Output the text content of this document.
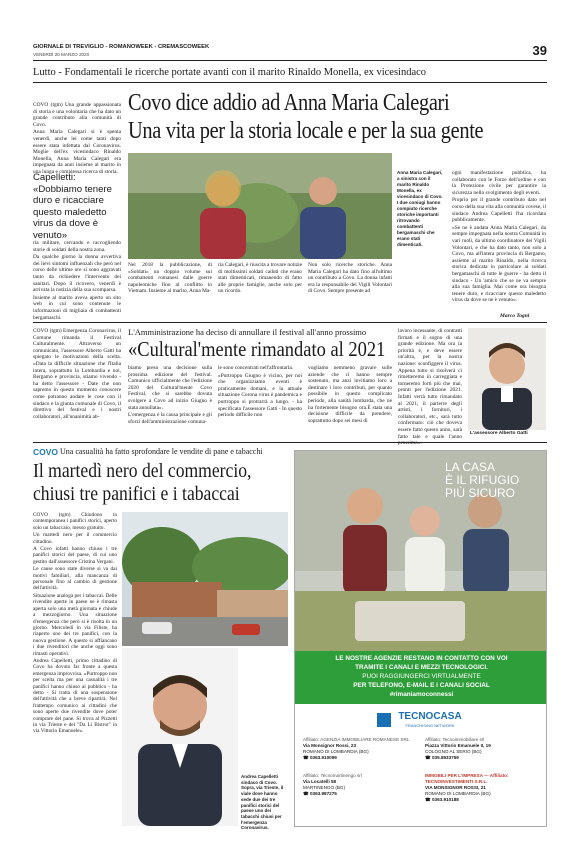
GIORNALE DI TREVIGLIO - ROMANOWEEK - CREMASCOWEEK
VENERDÌ 20 MARZO 2020	39
Lutto - Fondamentali le ricerche portate avanti con il marito Rinaldo Monella, ex vicesindaco
Covo dice addio ad Anna Maria Calegari
Una vita per la storia locale e per la sua gente

COVO (tgm) Una grande appassionata di storia e una volontaria che ha dato un grande contributo alla comunità di Covo.

Anna Maria Calegari si è spenta venerdì, anche lei come tanti dopo essere stata infettata dal Coronavirus. Moglie dell'ex vicesindaco Rinaldo Monella, Anna Maria Calegari era impegnata da anni insieme al marito in una lunga e complessa ricerca di storia.

Capelletti: «Dobbiamo tenere duro e ricacciare questo maledetto virus da dove è venuto»

ria militare, cercando e raccogliendo storie di soldati della nostra zona.

Da qualche giorno la donna avvertiva dei lievi sintomi influenzali che però nel corso delle ultime ore si sono aggravati tanto da richiedere l'intervento dei sanitari. Dopo il ricovero, venerdì è arrivata la notizia della sua scomparsa.

Insieme al marito aveva aperto un sito web in cui sono contenute le informazioni di migliaia di combattenti bergamaschi.

Anna Maria Calegari, a sinistra con il marito Rinaldo Monella, ex vicesindaco di Covo. I due coniugi hanno compiuto ricerche storiche importanti ritrovando combattenti bergamaschi che erano stati dimenticati.
Nel 2018 la pubblicazione, di «Soldati» un doppio volume sui combattenti romanesi dalle guerre napoleoniche fino al conflitto in Vietnam. Insieme al marito, Anna Ma-
ria Calegari, è riuscita a trovare notizie di moltissimi soldati caduti che erano stati dimenticati, rimanendo di fatto alle proprie famiglie, anche solo per un ricordo.
Non solo ricerche storiche. Anna Maria Calegari ha dato fino all'ultimo un contributo a Covo. La donna infatti era la responsabile dei Vigili Volontari di Covo. Sempre presente ad

ogni manifestazione pubblica, ha collaborato con le Forze dell'ordine e con la Protezione civile per garantire la sicurezza nello svolgimento degli eventi.

Proprio per il grande contributo dato nel corso della sua vita alla comunità covese, il sindaco Andrea Capelletti l'ha ricordata pubblicamente.

«Se ne è andata Anna Maria Calegari, da sempre impegnata nella nostra Comunità in vari ruoli, da ultimo coordinatore dei Vigili Volontari, e che ha dato tanto, non solo a Covo, ma all'intera provincia di Bergamo, assieme al marito Rinaldo, nella ricerca storica dedicata in particolare ai soldati bergamaschi di tutte le guerre - ha detto il sindaco - Un 'amico che se ne va sempre alla sua famiglia. Mai come ora bisogna tenere duro, e ricacciare questo maledetto virus da dove se ne è venuto».

Marco Togni
COVO (tgm) Emergenza Coronavirus, il Comune rimanda il Festival Culturalmente. Attraverso un comunicato, l'assessore Alberto Gatti ha spiegato le motivazioni della scelta. «Data la difficile situazione che l'Italia intera, soprattutto la Lombardia e noi, Bergamo e provincia, stiamo vivendo - ha detto l'assessore - Date che non sapremo in questo momento conoscere come potranno andare le cose con il sindaco e la giunta comunale di Covo, il direttivo del festival e i nostri collaboratori, all'unanimità ab-
L'Amministrazione ha deciso di annullare il festival all'anno prossimo
«Cultural'mente rimandato al 2021

biamo preso una decisione sulla prossima edizione del festival. Comunico ufficialmente che l'edizione 2020 del Cultural'mente Covo Festival, che si sarebbe dovuta svolgere a Covo ad inizio Giugno è stata annullata».

L'emergenza è la causa principale e gli sforzi dell'amministrazione comuna-

le sono concentrati nell'affrontarla.

«Purtroppo Giugno è vicino, per noi che organizziamo eventi è praticamente domani, e la attuale situazione Corona virus è pandemica e purtroppo si protrarrà a lungo. - ha specificato l'assessore Gatti - In questo periodo difficile non

vogliamo nemmeno gravare sulle aziende che ci hanno sempre sostenuto, ma anzi invitiamo loro a destinare i loro contributi, per quanto possibile in questo complicato periodo, alla sanità lombarda, che ne ha fortemente bisogno ora.È stata una decisione difficile da prendere, soprattutto dopo sei mesi di
lavoro incessante, di contratti firmati e il sogno di una grande edizione. Ma ora la priorità è, e deve essere un'altra, per la nostra nazione: sconfiggere il virus. Appena tutto si risolverà ci rimetteremo in carreggiata e torneremo forti più che mai, pronti per l'edizione 2021. Infatti verrà tutto rimandato al 2021, il parterre degli artisti, i fornitori, i collaboratori, etc., sarà tutto confermato: ciò che doveva essere fatto questo anno, sarà fatto tale e quale l'anno prossimo».
L'assessore Alberto Gatti
COVO Una casualità ha fatto sprofondare le vendite di pane e tabacchi
Il martedì nero del commercio,
chiusi tre panifici e i tabaccai

COVO (tgm) Chiudono in contemporanea i panifici storici, aperto solo un tabaccaio, messo gratuito.

Un martedì nero per il commercio cittadino.

A Covo infatti hanno chiuso i tre panifici storici del paese, di cui uno gestito dall'assessore Cristina Vergani.

Le cause sono state diverse si va dai motivi familiari, alla mancanza di personale fino al cambio di gestione dell'attività.

Situazione analoga per i tabaccai. Delle rivendite aperte in paese ne è rimasta aperta solo una metà giornata e chiude a mezzogiorno. Una situazione d'emergenza che però si è risolta in un giorno. Mercoledì in via Filiste, ha riaperto uno dei tre panifici, con la nuova gestione. A questo si affiancano i due rivenditori che anche oggi sono rimasti operativi.

Andrea Capelletti, primo cittadino di Covo ha dovuto far fronte a questa emergenza improvvisa. «Purtroppo non per scelta ma per una casualità i tre panifici hanno chiuso al pubblico - ha detto - Si tratta di una sospensione dell'attività che a breve ripartirà. Nel frattempo comunico ai cittadini che sono aperte due rivendite dove poter comprare del pane. Si trova al Pizzetti in via Trieste e del "Da Li Bistrot" in via Vittorio Emanuele».

Andrea Capelletti sindaco di Covo. Sopra, via Trieste, il viale dove hanno sede due dei tre panifici storici del paese uno dei tabacchi chiusi per l'emergenza Coronavirus.
LA CASA
È IL RIFUGIO
PIÙ SICURO
LE NOSTRE AGENZIE RESTANO IN CONTATTO CON VOI
TRAMITE I CANALI E MEZZI TECNOLOGICI.
PUOI RAGGIUNGERCI VIRTUALMENTE
PER TELEFONO, E-MAIL E I CANALI SOCIAL
#rimaniamoconnessi
TECNOCASA
FRANCHISING NETWORK
Affiliato: AGENZIA IMMOBILIARE ROMANESE SRL
Via Monsignor Rossi, 23
ROMANO DI LOMBARDIA (BG)
☎ 0363.910099
Affiliato: Tecnoimmobiliare srl
Piazza Vittorio Emanuele II, 19
COLOGNO AL SERIO (BG)
☎ 035.8933759
Affiliato: Tecnomartinengo srl
Via Locatelli 58
MARTINENGO (BG)
☎ 0363.987275
IMMOBILI PER L'IMPRESA — Affiliato: TECNOINVESTIMENTI S.R.L.
VIA MONSIGNOR ROSSI, 21
ROMANO DI LOMBARDIA (BG)
☎ 0363.910188
